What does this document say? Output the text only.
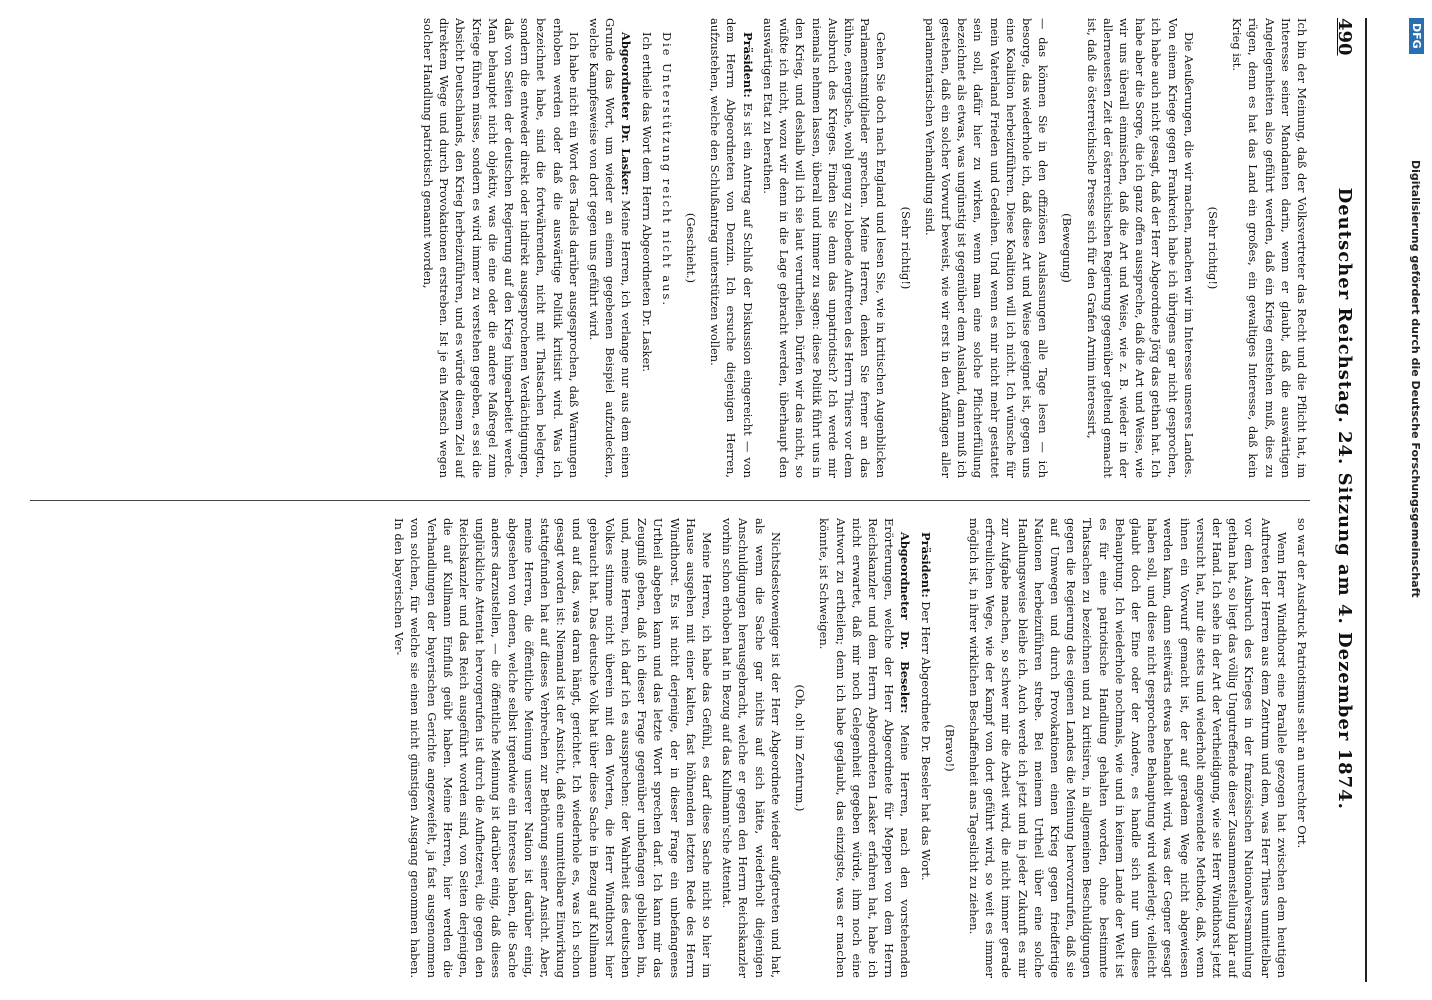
DFG
Digitalisierung gefördert durch die Deutsche Forschungsgemeinschaft
490
Deutscher Reichstag. 24. Sitzung am 4. Dezember 1874.

Ich bin der Meinung, daß der Volksvertreter das Recht und die Pflicht hat, im Interesse seiner Mandanten darin, wenn er glaubt, daß die auswärtigen Angelegenheiten also geführt werden, daß ein Krieg entstehen muß, dies zu rügen, denn es hat das Land ein großes, ein gewaltiges Interesse, daß kein Krieg ist.

(Sehr richtig!)

Die Aeußerungen, die wir machen, machen wir im Interesse unseres Landes. Von einem Kriege gegen Frankreich habe ich übrigens gar nicht gesprochen, ich habe auch nicht gesagt, daß der Herr Abgeordnete Jörg das gethan hat. Ich habe aber die Sorge, die ich ganz offen ausspreche, daß die Art und Weise, wie wir uns überall einmischen, daß die Art und Weise, wie z. B. wieder in der allerneuesten Zeit der österreichischen Regierung gegenüber geltend gemacht ist, daß die österreichische Presse sich für den Grafen Arnim interessirt,

(Bewegung)

— das können Sie in den offiziösen Auslassungen alle Tage lesen — ich besorge, das wiederhole ich, daß diese Art und Weise geeignet ist, gegen uns eine Koalition herbeizuführen. Diese Koalition will ich nicht. Ich wünsche für mein Vaterland Frieden und Gedeihen. Und wenn es mir nicht mehr gestattet sein soll, dafür hier zu wirken, wenn man eine solche Pflichterfüllung bezeichnet als etwas, was ungünstig ist gegenüber dem Ausland, dann muß ich gestehen, daß ein solcher Vorwurf beweist, wie wir erst in den Anfängen aller parlamentarischen Verhandlung sind.

(Sehr richtig!)

Gehen Sie doch nach England und lesen Sie, wie in kritischen Augenblicken Parlamentsmitglieder sprechen. Meine Herren, denken Sie ferner an das kühne, energische, wohl genug zu lobende Auftreten des Herrn Thiers vor dem Ausbruch des Krieges. Finden Sie denn das unpatriotisch? Ich werde mir niemals nehmen lassen, überall und immer zu sagen: diese Politik führt uns in den Krieg, und deshalb will ich sie laut verurtheilen. Dürfen wir das nicht, so wüßte ich nicht, wozu wir denn in die Lage gebracht werden, überhaupt den auswärtigen Etat zu berathen.

Präsident: Es ist ein Antrag auf Schluß der Diskussion eingereicht — von dem Herrn Abgeordneten von Denzin. Ich ersuche diejenigen Herren, aufzustehen, welche den Schlußantrag unterstützen wollen.

(Geschieht.)

Die Unterstützung reicht nicht aus.

Ich ertheile das Wort dem Herrn Abgeordneten Dr. Lasker.

Abgeordneter Dr. Lasker: Meine Herren, ich verlange nur aus dem einen Grunde das Wort, um wieder an einem gegebenen Beispiel aufzudecken, welche Kampfesweise von dort gegen uns geführt wird.

Ich habe nicht ein Wort des Tadels darüber ausgesprochen, daß Warnungen erhoben werden oder daß die auswärtige Politik kritisirt wird. Was ich bezeichnet habe, sind die fortwährenden, nicht mit Thatsachen belegten, sondern die entweder direkt oder indirekt ausgesprochenen Verdächtigungen, daß von Seiten der deutschen Regierung auf den Krieg hingearbeitet werde. Man behauptet nicht objektiv, was die eine oder die andere Maßregel zum Kriege führen müsse, sondern es wird immer zu verstehen gegeben, es sei die Absicht Deutschlands, den Krieg herbeizuführen, und es würde diesem Ziel auf direktem Wege und durch Provokationen erstreben. Ist je ein Mensch wegen solcher Handlung patriotisch genannt worden,

so war der Ausdruck Patriotismus sehr an unrechter Ort.

Wenn Herr Windthorst eine Parallele gezogen hat zwischen dem heutigen Auftreten der Herren aus dem Zentrum und dem, was Herr Thiers unmittelbar vor dem Ausbruch des Krieges in der französischen Nationalversammlung gethan hat, so liegt das völlig Ungutreffende dieser Zusammenstellung klar auf der Hand. Ich sehe in der Art der Vertheidigung, wie sie Herr Windthorst jetzt versucht hat, nur die stets und wiederholt angewendete Methode, daß, wenn ihnen ein Vorwurf gemacht ist, der auf geradem Wege nicht abgewiesen werden kann, dann seitwärts etwas behandelt wird, was der Gegner gesagt haben soll, und diese nicht gesprochene Behauptung wird widerlegt; vielleicht glaubt doch der Eine oder der Andere, es handle sich nur um diese Behauptung. Ich wiederhole nochmals, wie und in keinem Lande der Welt ist es für eine patriotische Handlung gehalten worden, ohne bestimmte Thatsachen zu bezeichnen und zu kritisiren, in allgemeinen Beschuldigungen gegen die Regierung des eigenen Landes die Meinung hervorzurufen, daß sie auf Umwegen und durch Provokationen einen Krieg gegen friedfertige Nationen herbeizuführen strebe. Bei meinem Urtheil über eine solche Handlungsweise bleibe ich. Auch werde ich jetzt und in jeder Zukunft es mir zur Aufgabe machen, so schwer mir die Arbeit wird, die nicht immer gerade erfreulichen Wege, wie der Kampf von dort geführt wird, so weit es immer möglich ist, in ihrer wirklichen Beschaffenheit ans Tageslicht zu ziehen.

(Bravo!)

Präsident: Der Herr Abgeordnete Dr. Beseler hat das Wort.

Abgeordneter Dr. Beseler: Meine Herren, nach den vorstehenden Erörterungen, welche der Herr Abgeordnete für Meppen von dem Herrn Reichskanzler und dem Herrn Abgeordneten Lasker erfahren hat, habe ich nicht erwartet, daß mir noch Gelegenheit gegeben würde, ihm noch eine Antwort zu ertheilen; denn ich habe geglaubt, das einzigste, was er machen könnte, ist Schweigen.

(Oh, oh! im Zentrum.)

Nichtsdestoweniger ist der Herr Abgeordnete wieder aufgetreten und hat, als wenn die Sache gar nichts auf sich hätte, wiederholt diejenigen Anschuldigungen herausgebracht, welche er gegen den Herrn Reichskanzler vorhin schon erhoben hat in Bezug auf das Kullmann'sche Attentat.

Meine Herren, ich habe das Gefühl, es darf diese Sache nicht so hier im Hause ausgehen mit einer kalten, fast höhnenden letzten Rede des Herrn Windthorst. Es ist nicht derjenige, der in dieser Frage ein unbefangenes Urtheil abgeben kann und das letzte Wort sprechen darf. Ich kann mir das Zeugniß geben, daß ich dieser Frage gegenüber unbefangen geblieben bin, und, meine Herren, ich darf ich es aussprechen: der Wahrheit des deutschen Volkes stimme nicht überein mit den Worten, die Herr Windthorst hier gebraucht hat. Das deutsche Volk hat über diese Sache in Bezug auf Kullmann und auf das, was daran hängt, gerichtet. Ich wiederhole es, was ich schon gesagt worden ist: Niemand ist der Ansicht, daß eine unmittelbare Einwirkung stattgefunden hat auf dieses Verbrechen zur Bethörung seiner Ansicht. Aber, meine Herren, die öffentliche Meinung unserer Nation ist darüber einig, abgesehen von denen, welche selbst irgendwie ein Interesse haben, die Sache anders darzustellen, — die öffentliche Meinung ist darüber einig, daß dieses unglückliche Attentat hervorgerufen ist durch die Aufhetzerei, die gegen den Reichskanzler und das Reich ausgeführt worden sind, von Seiten derjenigen, die auf Kullmann Einfluß geübt haben. Meine Herren, hier werden die Verhandlungen der bayerischen Gerichte angezweifelt, ja fast ausgenommen von solchen, für welche sie einen nicht günstigen Ausgang genommen haben. In den bayerischen Ver-
